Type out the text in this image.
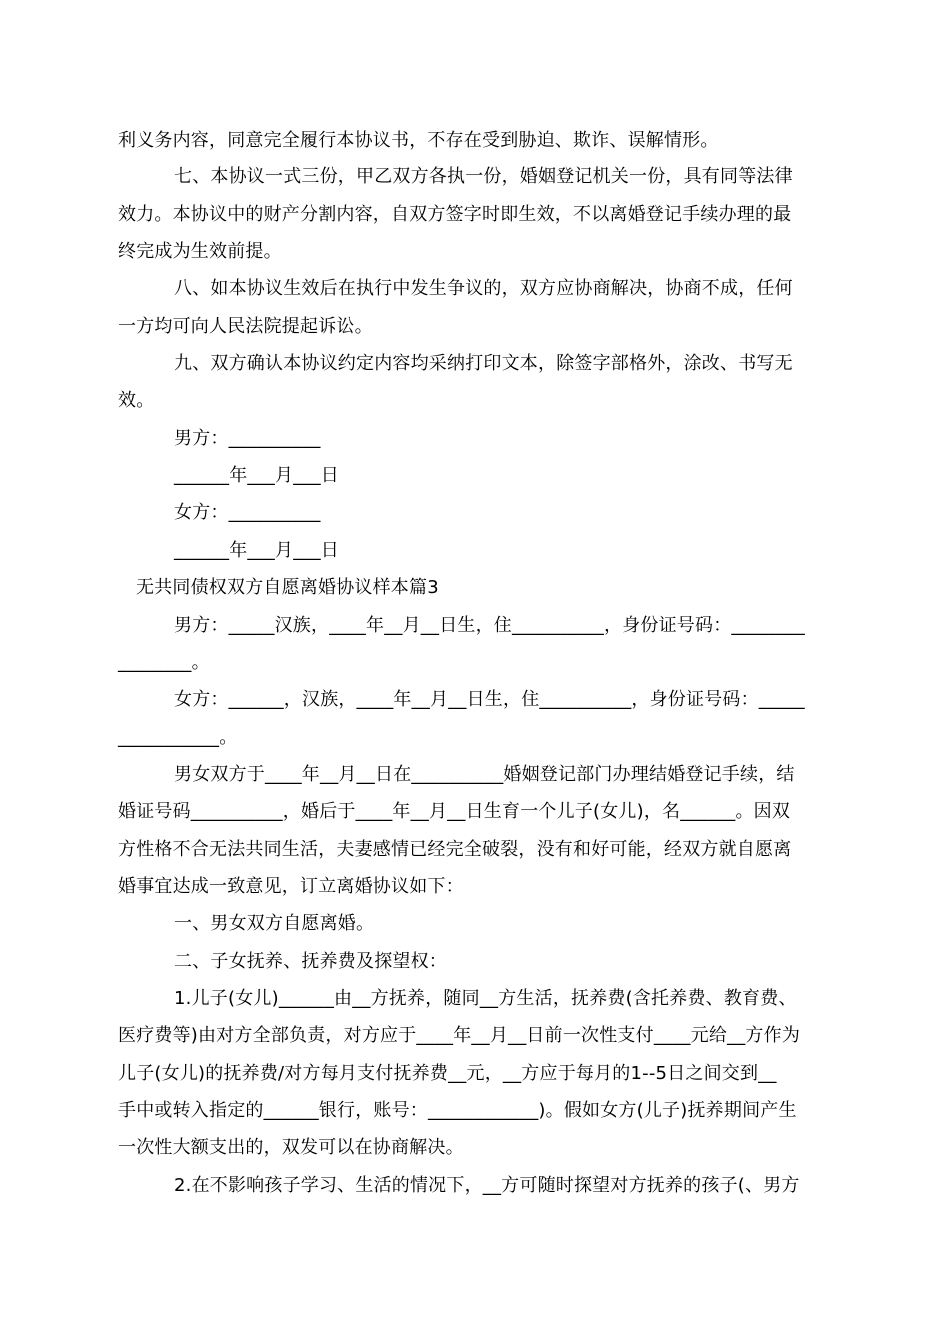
利义务内容，同意完全履行本协议书，不存在受到胁迫、欺诈、误解情形。
七、本协议一式三份，甲乙双方各执一份，婚姻登记机关一份，具有同等法律
效力。本协议中的财产分割内容，自双方签字时即生效，不以离婚登记手续办理的最
终完成为生效前提。
八、如本协议生效后在执行中发生争议的，双方应协商解决，协商不成，任何
一方均可向人民法院提起诉讼。
九、双方确认本协议约定内容均采纳打印文本，除签字部格外，涂改、书写无
效。
男方：__________
______年___月___日
女方：__________
______年___月___日
无共同债权双方自愿离婚协议样本篇3
男方：_____汉族，____年__月__日生，住__________，身份证号码：________
________。
女方：______，汉族，____年__月__日生，住__________，身份证号码：_____
___________。
男女双方于____年__月__日在__________婚姻登记部门办理结婚登记手续，结
婚证号码__________，婚后于____年__月__日生育一个儿子(女儿)，名______。因双
方性格不合无法共同生活，夫妻感情已经完全破裂，没有和好可能，经双方就自愿离
婚事宜达成一致意见，订立离婚协议如下：
一、男女双方自愿离婚。
二、子女抚养、抚养费及探望权：
1.儿子(女儿)______由__方抚养，随同__方生活，抚养费(含托养费、教育费、
医疗费等)由对方全部负责，对方应于____年__月__日前一次性支付____元给__方作为
儿子(女儿)的抚养费/对方每月支付抚养费__元，__方应于每月的1--5日之间交到__
手中或转入指定的______银行，账号：____________)。假如女方(儿子)抚养期间产生
一次性大额支出的，双发可以在协商解决。
2.在不影响孩子学习、生活的情况下，__方可随时探望对方抚养的孩子(、男方
